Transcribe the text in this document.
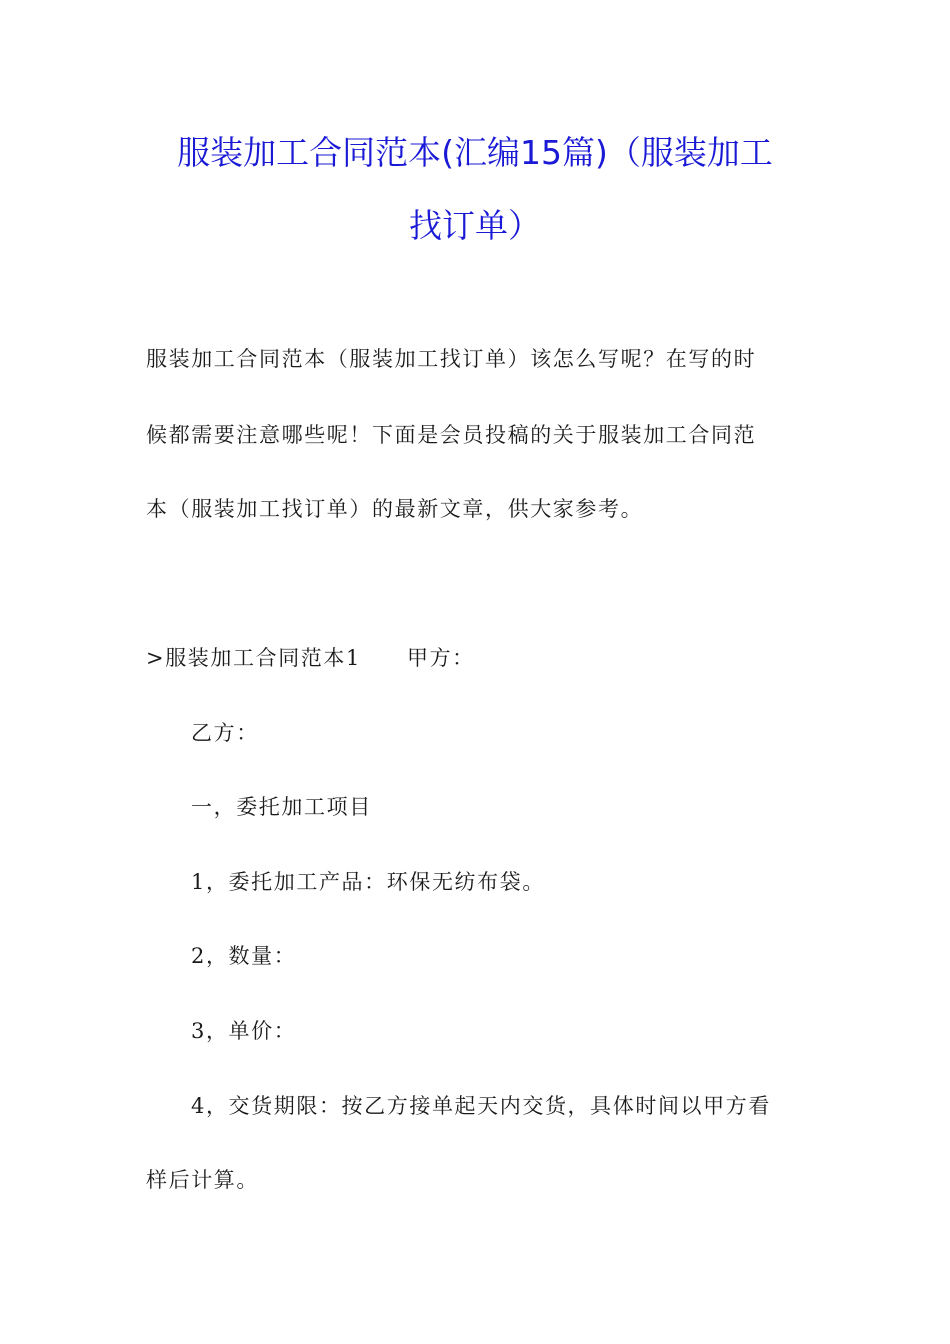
服装加工合同范本(汇编15篇)（服装加工
找订单）

服装加工合同范本（服装加工找订单）该怎么写呢？在写的时

候都需要注意哪些呢！下面是会员投稿的关于服装加工合同范

本（服装加工找订单）的最新文章，供大家参考。

>服装加工合同范本1 甲方：

乙方：

一，委托加工项目

1，委托加工产品：环保无纺布袋。

2，数量：

3，单价：

4，交货期限：按乙方接单起天内交货，具体时间以甲方看

样后计算。
